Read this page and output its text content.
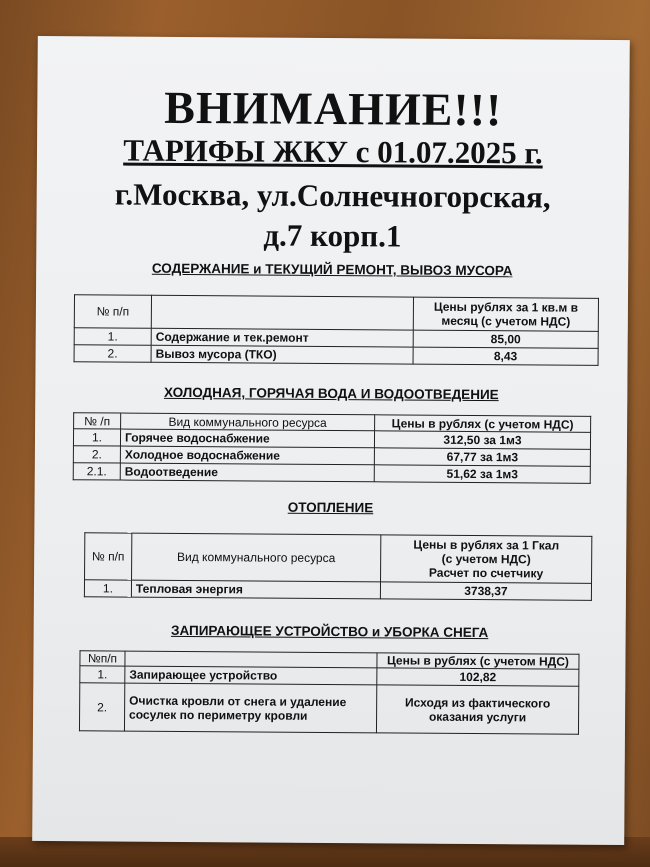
ВНИМАНИЕ!!!
ТАРИФЫ ЖКУ с 01.07.2025 г.
г.Москва, ул.Солнечногорская,
д.7 корп.1
СОДЕРЖАНИЕ и ТЕКУЩИЙ РЕМОНТ, ВЫВОЗ МУСОРА
№ п/п		Цены рублях за 1 кв.м в месяц (с учетом НДС)
1.	Содержание и тек.ремонт	85,00
2.	Вывоз мусора (ТКО)	8,43
ХОЛОДНАЯ, ГОРЯЧАЯ ВОДА И ВОДООТВЕДЕНИЕ
№ /п	Вид коммунального ресурса	Цены в рублях (с учетом НДС)
1.	Горячее водоснабжение	312,50 за 1м3
2.	Холодное водоснабжение	67,77 за 1м3
2.1.	Водоотведение	51,62 за 1м3
ОТОПЛЕНИЕ
№ п/п	Вид коммунального ресурса	Цены в рублях за 1 Гкал
(с учетом НДС)
Расчет по счетчику

1.	Тепловая энергия	3738,37
ЗАПИРАЮЩЕЕ УСТРОЙСТВО и УБОРКА СНЕГА
№п/п		Цены в рублях (с учетом НДС)
1.	Запирающее устройство	102,82
2.	Очистка кровли от снега и удаление сосулек по периметру кровли	Исходя из фактического оказания услуги
